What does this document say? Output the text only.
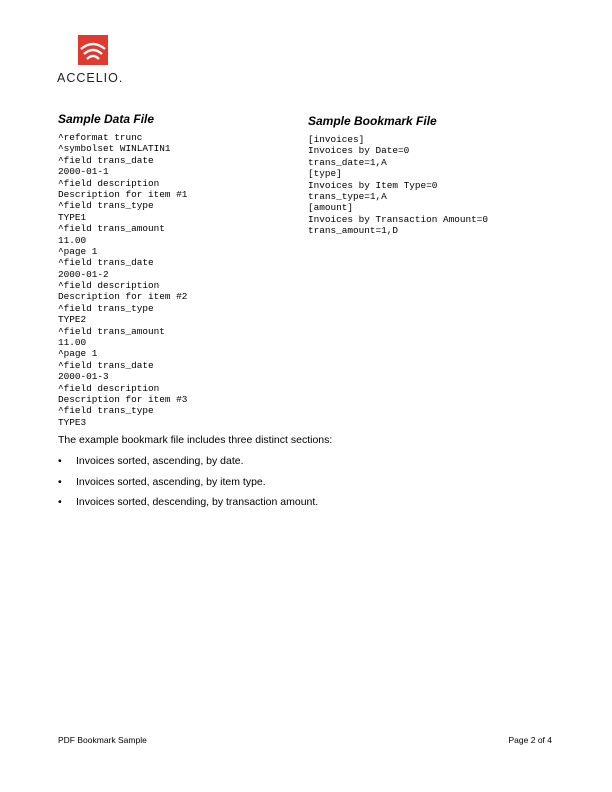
ACCELIO.
Sample Data File
^reformat trunc
^symbolset WINLATIN1
^field trans_date
2000-01-1
^field description
Description for item #1
^field trans_type
TYPE1
^field trans_amount
11.00
^page 1
^field trans_date
2000-01-2
^field description
Description for item #2
^field trans_type
TYPE2
^field trans_amount
11.00
^page 1
^field trans_date
2000-01-3
^field description
Description for item #3
^field trans_type
TYPE3
Sample Bookmark File
[invoices]
Invoices by Date=0
trans_date=1,A
[type]
Invoices by Item Type=0
trans_type=1,A
[amount]
Invoices by Transaction Amount=0
trans_amount=1,D
The example bookmark file includes three distinct sections:
•	Invoices sorted, ascending, by date.
•	Invoices sorted, ascending, by item type.
•	Invoices sorted, descending, by transaction amount.
PDF Bookmark Sample	Page 2 of 4
